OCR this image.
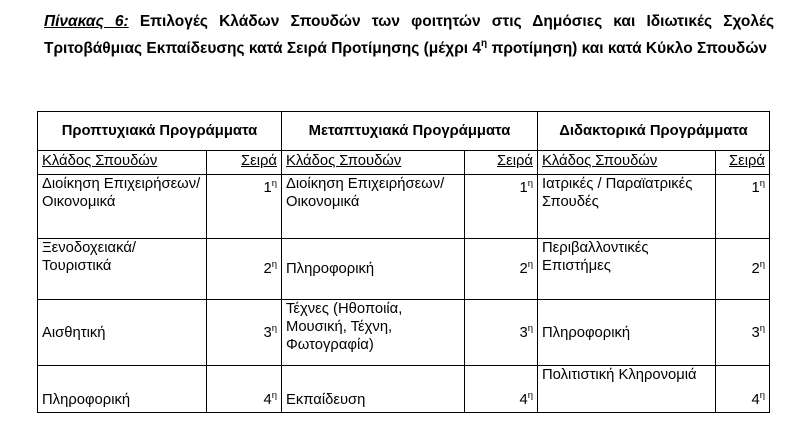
Πίνακας 6: Επιλογές Κλάδων Σπουδών των φοιτητών στις Δημόσιες και Ιδιωτικές Σχολές Τριτοβάθμιας Εκπαίδευσης κατά Σειρά Προτίμησης (μέχρι $4^\eta$ προτίμηση) και κατά Κύκλο Σπουδών
Προπτυχιακά Προγράμματα		Μεταπτυχιακά Προγράμματα		Διδακτορικά Προγράμματα	
Κλάδος Σπουδών	Σειρά	Κλάδος Σπουδών	Σειρά	Κλάδος Σπουδών	Σειρά
Διοίκηση Επιχειρήσεων/ Οικονομικά	$1^\eta$	Διοίκηση Επιχειρήσεων/ Οικονομικά	$1^\eta$	Ιατρικές / Παραϊατρικές Σπουδές	$1^\eta$
Ξενοδοχειακά/ Τουριστικά	$2^\eta$	Πληροφορική	$2^\eta$	Περιβαλλοντικές Επιστήμες	$2^\eta$
Αισθητική	$3^\eta$	Τέχνες (Ηθοποιία, Μουσική, Τέχνη, Φωτογραφία)	$3^\eta$	Πληροφορική	$3^\eta$
Πληροφορική	$4^\eta$	Εκπαίδευση	$4^\eta$	Πολιτιστική Κληρονομιά	$4^\eta$
